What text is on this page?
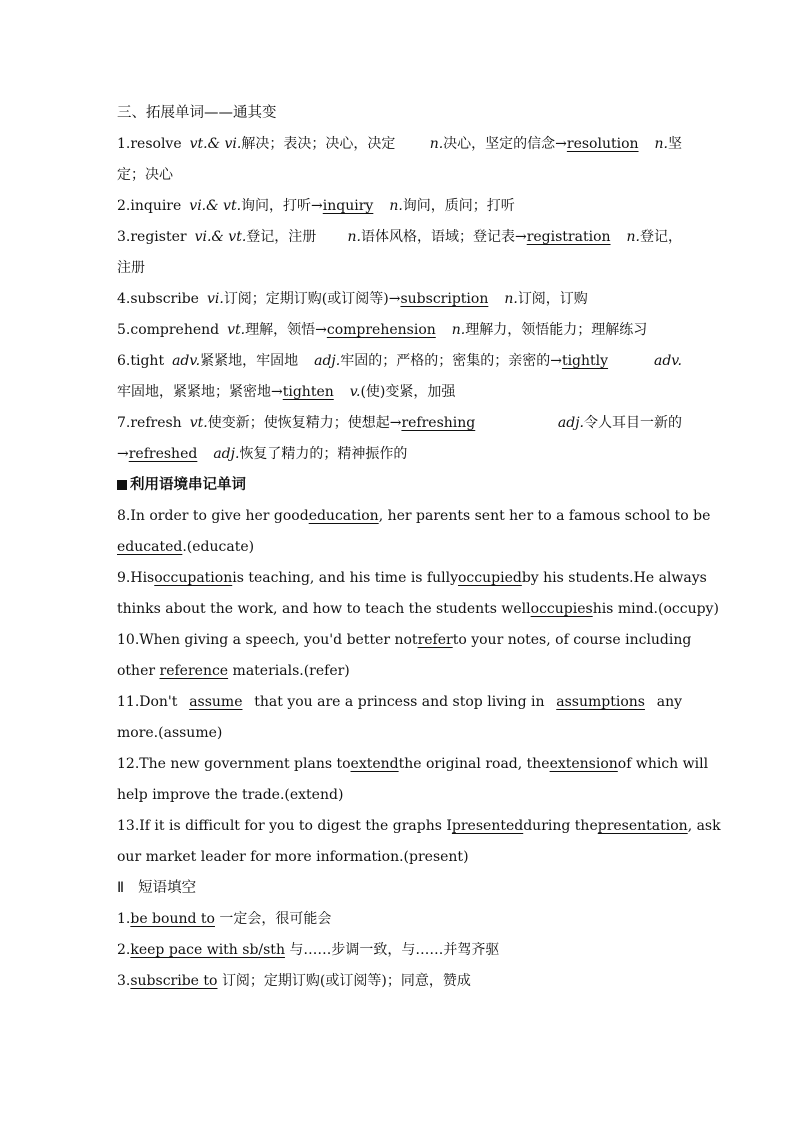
三、拓展单词——通其变
1.resolve vt.& vi.解决；表决；决心，决定 n.决心，坚定的信念→resolution n.坚
定；决心
2.inquire vi.& vt.询问，打听→inquiry n.询问，质问；打听
3.register vi.& vt.登记，注册 n.语体风格，语域；登记表→registration n.登记，
注册
4.subscribe vi.订阅；定期订购(或订阅等)→subscription n.订阅，订购
5.comprehend vt.理解，领悟→comprehension n.理解力，领悟能力；理解练习
6.tight adv.紧紧地，牢固地 adj.牢固的；严格的；密集的；亲密的→tightly	adv.
牢固地，紧紧地；紧密地→tighten v.(使)变紧，加强
7.refresh vt.使变新；使恢复精力；使想起→refreshing	adj.令人耳目一新的
→refreshed adj.恢复了精力的；精神振作的
利用语境串记单词
8.In order to give her good education , her parents sent her to a famous school to be
educated.(educate)
9.His occupation is teaching, and his time is fully occupied by his students.He always
thinks about the work, and how to teach the students well occupies his mind.(occupy)
10.When giving a speech, you'd better not refer to your notes, of course including
other reference materials.(refer)
11.Don't assume that you are a princess and stop living in assumptions any
more.(assume)
12.The new government plans to extend the original road, the extension of which will
help improve the trade.(extend)
13.If it is difficult for you to digest the graphs I presented during the presentation , ask
our market leader for more information.(present)
Ⅱ 短语填空
1.be bound to 一定会，很可能会
2.keep pace with sb/sth 与……步调一致，与……并驾齐驱
3.subscribe to 订阅；定期订购(或订阅等)；同意，赞成
